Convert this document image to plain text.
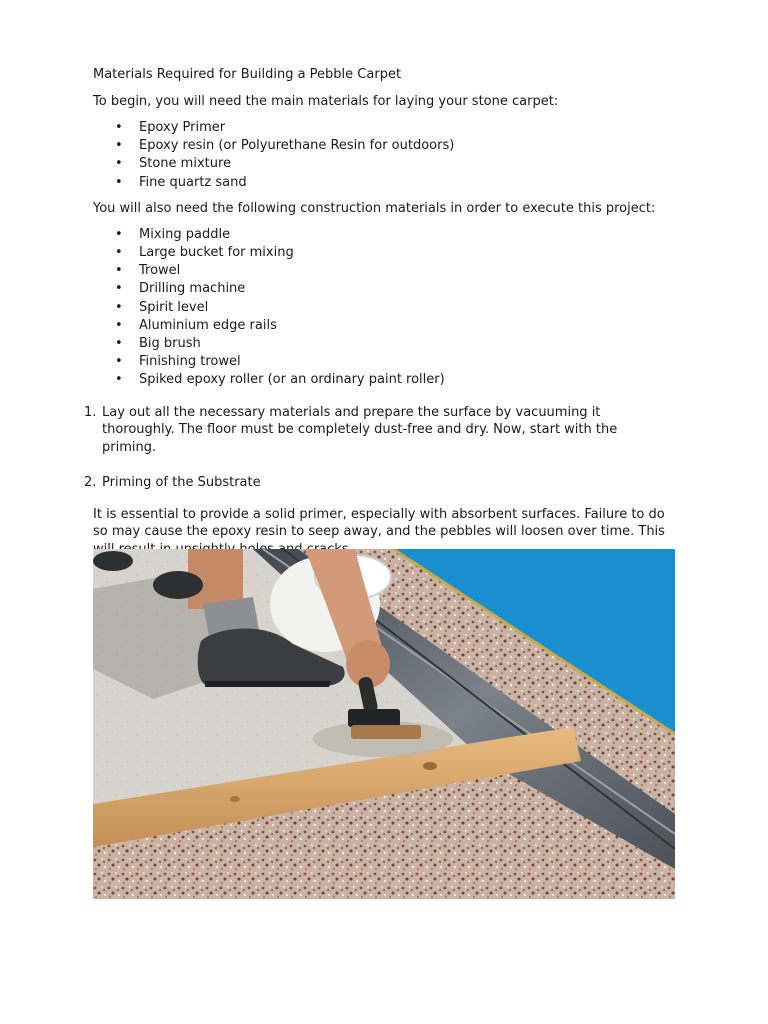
Materials Required for Building a Pebble Carpet
To begin, you will need the main materials for laying your stone carpet:
• Epoxy Primer
• Epoxy resin (or Polyurethane Resin for outdoors)
• Stone mixture
• Fine quartz sand
You will also need the following construction materials in order to execute this project:
• Mixing paddle
• Large bucket for mixing
• Trowel
• Drilling machine
• Spirit level
• Aluminium edge rails
• Big brush
• Finishing trowel
• Spiked epoxy roller (or an ordinary paint roller)
1. Lay out all the necessary materials and prepare the surface by vacuuming it thoroughly. The floor must be completely dust-free and dry. Now, start with the priming.
2. Priming of the Substrate
It is essential to provide a solid primer, especially with absorbent surfaces. Failure to do so may cause the epoxy resin to seep away, and the pebbles will loosen over time. This
